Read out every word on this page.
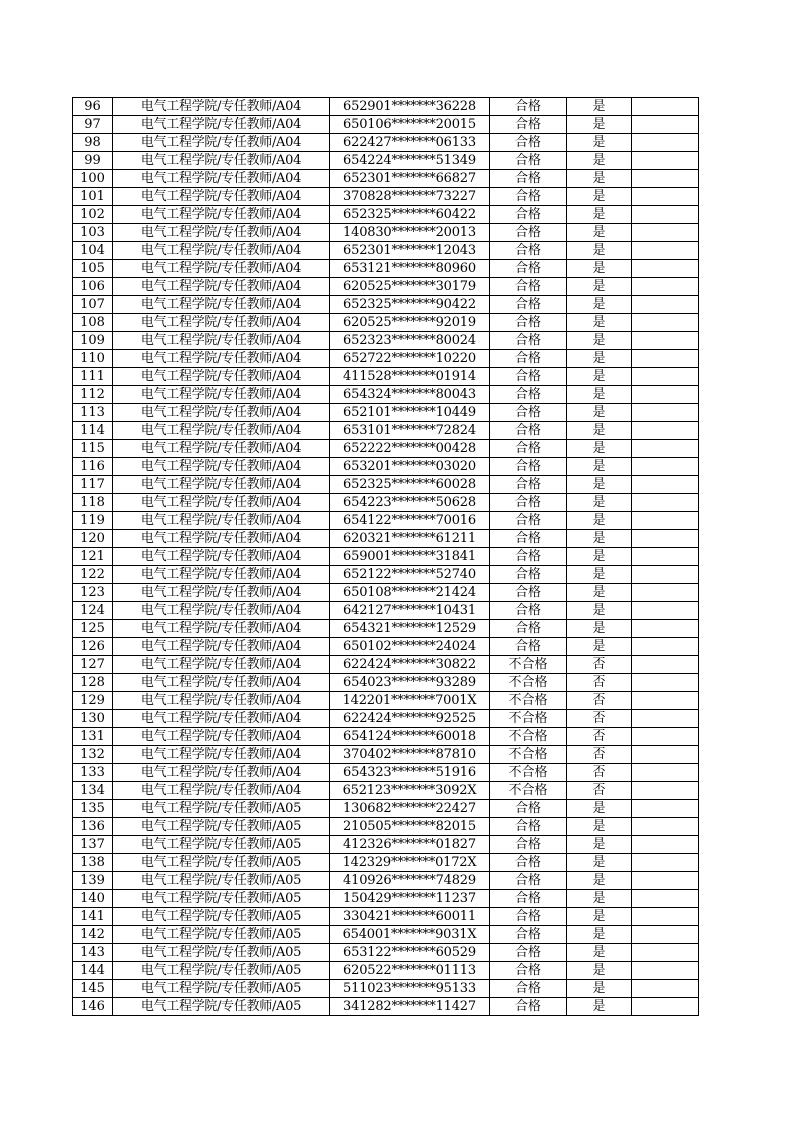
96	电气工程学院/专任教师/A04	652901*******36228	合格	是	
97	电气工程学院/专任教师/A04	650106*******20015	合格	是	
98	电气工程学院/专任教师/A04	622427*******06133	合格	是	
99	电气工程学院/专任教师/A04	654224*******51349	合格	是	
100	电气工程学院/专任教师/A04	652301*******66827	合格	是	
101	电气工程学院/专任教师/A04	370828*******73227	合格	是	
102	电气工程学院/专任教师/A04	652325*******60422	合格	是	
103	电气工程学院/专任教师/A04	140830*******20013	合格	是	
104	电气工程学院/专任教师/A04	652301*******12043	合格	是	
105	电气工程学院/专任教师/A04	653121*******80960	合格	是	
106	电气工程学院/专任教师/A04	620525*******30179	合格	是	
107	电气工程学院/专任教师/A04	652325*******90422	合格	是	
108	电气工程学院/专任教师/A04	620525*******92019	合格	是	
109	电气工程学院/专任教师/A04	652323*******80024	合格	是	
110	电气工程学院/专任教师/A04	652722*******10220	合格	是	
111	电气工程学院/专任教师/A04	411528*******01914	合格	是	
112	电气工程学院/专任教师/A04	654324*******80043	合格	是	
113	电气工程学院/专任教师/A04	652101*******10449	合格	是	
114	电气工程学院/专任教师/A04	653101*******72824	合格	是	
115	电气工程学院/专任教师/A04	652222*******00428	合格	是	
116	电气工程学院/专任教师/A04	653201*******03020	合格	是	
117	电气工程学院/专任教师/A04	652325*******60028	合格	是	
118	电气工程学院/专任教师/A04	654223*******50628	合格	是	
119	电气工程学院/专任教师/A04	654122*******70016	合格	是	
120	电气工程学院/专任教师/A04	620321*******61211	合格	是	
121	电气工程学院/专任教师/A04	659001*******31841	合格	是	
122	电气工程学院/专任教师/A04	652122*******52740	合格	是	
123	电气工程学院/专任教师/A04	650108*******21424	合格	是	
124	电气工程学院/专任教师/A04	642127*******10431	合格	是	
125	电气工程学院/专任教师/A04	654321*******12529	合格	是	
126	电气工程学院/专任教师/A04	650102*******24024	合格	是	
127	电气工程学院/专任教师/A04	622424*******30822	不合格	否	
128	电气工程学院/专任教师/A04	654023*******93289	不合格	否	
129	电气工程学院/专任教师/A04	142201*******7001X	不合格	否	
130	电气工程学院/专任教师/A04	622424*******92525	不合格	否	
131	电气工程学院/专任教师/A04	654124*******60018	不合格	否	
132	电气工程学院/专任教师/A04	370402*******87810	不合格	否	
133	电气工程学院/专任教师/A04	654323*******51916	不合格	否	
134	电气工程学院/专任教师/A04	652123*******3092X	不合格	否	
135	电气工程学院/专任教师/A05	130682*******22427	合格	是	
136	电气工程学院/专任教师/A05	210505*******82015	合格	是	
137	电气工程学院/专任教师/A05	412326*******01827	合格	是	
138	电气工程学院/专任教师/A05	142329*******0172X	合格	是	
139	电气工程学院/专任教师/A05	410926*******74829	合格	是	
140	电气工程学院/专任教师/A05	150429*******11237	合格	是	
141	电气工程学院/专任教师/A05	330421*******60011	合格	是	
142	电气工程学院/专任教师/A05	654001*******9031X	合格	是	
143	电气工程学院/专任教师/A05	653122*******60529	合格	是	
144	电气工程学院/专任教师/A05	620522*******01113	合格	是	
145	电气工程学院/专任教师/A05	511023*******95133	合格	是	
146	电气工程学院/专任教师/A05	341282*******11427	合格	是	
